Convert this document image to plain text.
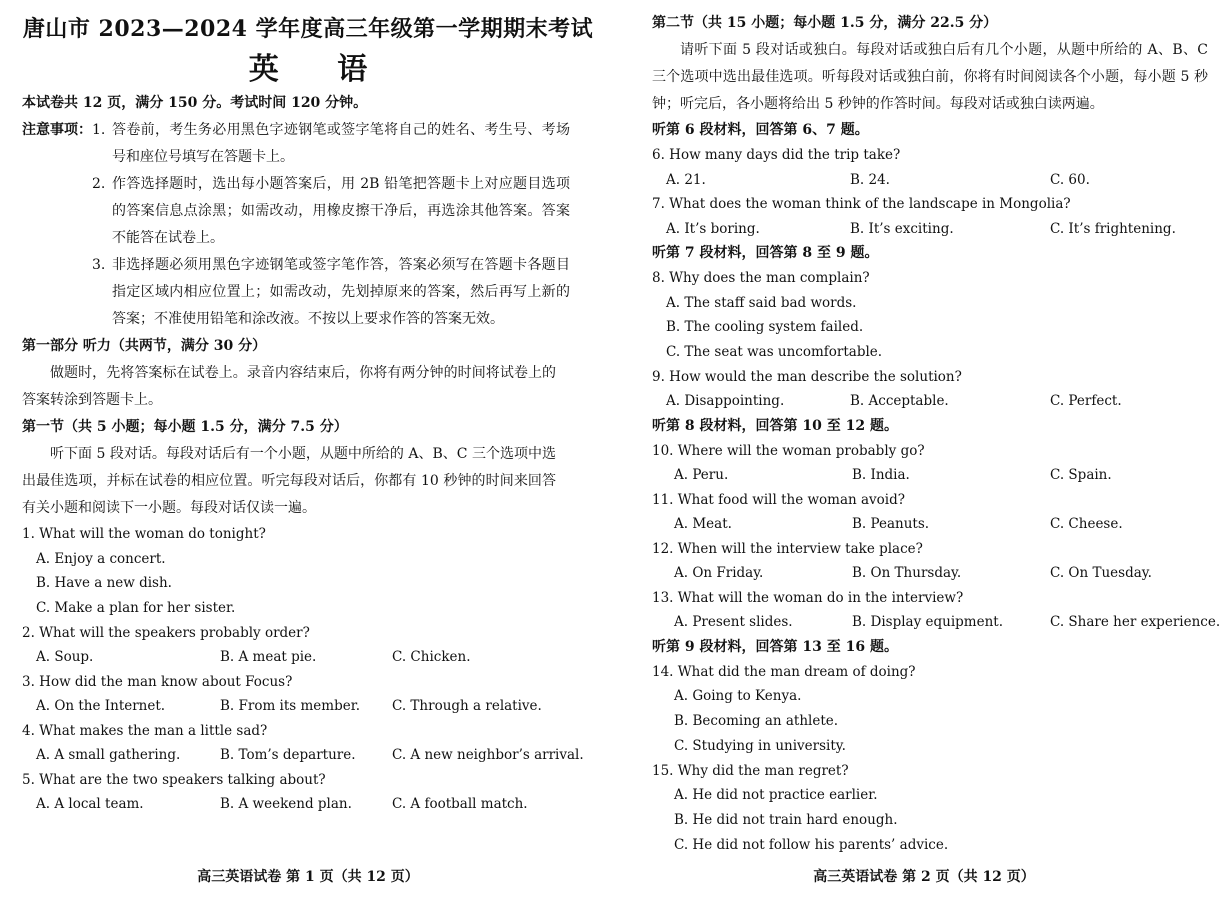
唐山市 2023—2024 学年度高三年级第一学期期末考试
英 语
本试卷共 12 页，满分 150 分。考试时间 120 分钟。
注意事项： 1. 答卷前，考生务必用黑色字迹钢笔或签字笔将自己的姓名、考生号、考场号和座位号填写在答题卡上。
2. 作答选择题时，选出每小题答案后，用 2B 铅笔把答题卡上对应题目选项的答案信息点涂黑；如需改动，用橡皮擦干净后，再选涂其他答案。答案不能答在试卷上。
3. 非选择题必须用黑色字迹钢笔或签字笔作答，答案必须写在答题卡各题目指定区域内相应位置上；如需改动，先划掉原来的答案，然后再写上新的答案；不准使用铅笔和涂改液。不按以上要求作答的答案无效。
第一部分 听力（共两节，满分 30 分）
做题时，先将答案标在试卷上。录音内容结束后，你将有两分钟的时间将试卷上的答案转涂到答题卡上。
第一节（共 5 小题；每小题 1.5 分，满分 7.5 分）
听下面 5 段对话。每段对话后有一个小题，从题中所给的 A、B、C 三个选项中选出最佳选项，并标在试卷的相应位置。听完每段对话后，你都有 10 秒钟的时间来回答有关小题和阅读下一小题。每段对话仅读一遍。
1. What will the woman do tonight?
A. Enjoy a concert.
B. Have a new dish.
C. Make a plan for her sister.
2. What will the speakers probably order?
A. Soup.	B. A meat pie.	C. Chicken.
3. How did the man know about Focus?
A. On the Internet.	B. From its member. C. Through a relative.
4. What makes the man a little sad?
A. A small gathering.	B. Tom’s departure.	C. A new neighbor’s arrival.
5. What are the two speakers talking about?
A. A local team.	B. A weekend plan.	C. A football match.
高三英语试卷 第 1 页（共 12 页）
第二节（共 15 小题；每小题 1.5 分，满分 22.5 分）
请听下面 5 段对话或独白。每段对话或独白后有几个小题，从题中所给的 A、B、C 三个选项中选出最佳选项。听每段对话或独白前，你将有时间阅读各个小题，每小题 5 秒钟；听完后，各小题将给出 5 秒钟的作答时间。每段对话或独白读两遍。
听第 6 段材料，回答第 6、7 题。
6. How many days did the trip take?
A. 21.	B. 24.	C. 60.
7. What does the woman think of the landscape in Mongolia?
A. It’s boring.	B. It’s exciting.	C. It’s frightening.
听第 7 段材料，回答第 8 至 9 题。
8. Why does the man complain?
A. The staff said bad words.
B. The cooling system failed.
C. The seat was uncomfortable.
9. How would the man describe the solution?
A. Disappointing.	B. Acceptable.	C. Perfect.
听第 8 段材料，回答第 10 至 12 题。
10. Where will the woman probably go?
A. Peru.	B. India.	C. Spain.
11. What food will the woman avoid?
A. Meat.	B. Peanuts.	C. Cheese.
12. When will the interview take place?
A. On Friday.	B. On Thursday.	C. On Tuesday.
13. What will the woman do in the interview?
A. Present slides.	B. Display equipment.	C. Share her experience.
听第 9 段材料，回答第 13 至 16 题。
14. What did the man dream of doing?
A. Going to Kenya.
B. Becoming an athlete.
C. Studying in university.
15. Why did the man regret?
A. He did not practice earlier.
B. He did not train hard enough.
C. He did not follow his parents’ advice.
高三英语试卷 第 2 页（共 12 页）
